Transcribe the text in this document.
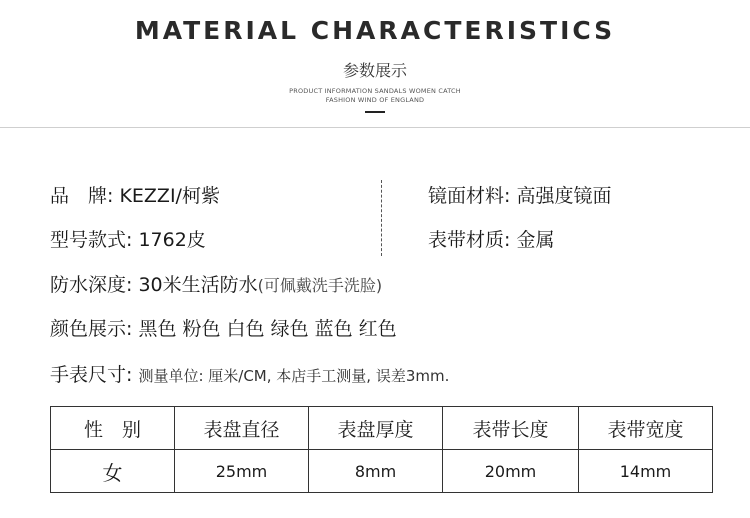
MATERIAL CHARACTERISTICS
参数展示
PRODUCT INFORMATION SANDALS WOMEN CATCH
FASHION WIND OF ENGLAND
品　牌: KEZZI/柯紫	镜面材料: 高强度镜面
型号款式: 1762皮	表带材质: 金属
防水深度: 30米生活防水(可佩戴洗手洗脸)
颜色展示: 黑色 粉色 白色 绿色 蓝色 红色
手表尺寸: 测量单位: 厘米/CM, 本店手工测量, 误差3mm.
性　别	表盘直径	表盘厚度	表带长度	表带宽度
女	25mm	8mm	20mm	14mm
